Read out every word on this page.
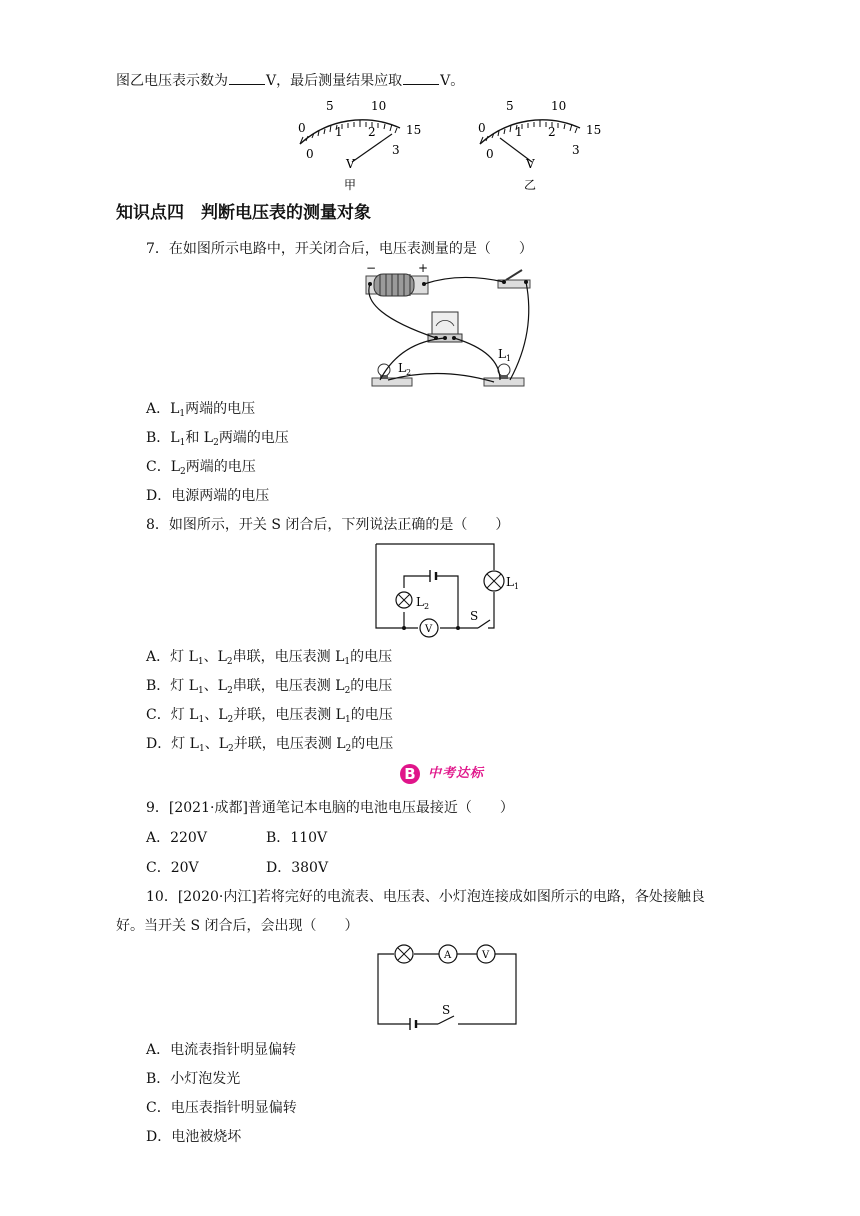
图乙电压表示数为	V，最后测量结果应取	V。
0 1 2
3
0
5	10
15
V
甲
0 1 2
3
0
5	10
15
V
乙
知识点四　判断电压表的测量对象
7．在如图所示电路中，开关闭合后，电压表测量的是（　　）
−	+
$L_2$
$L_1$
A．$L_1$两端的电压
B．$L_1$和 $L_2$两端的电压
C．$L_2$两端的电压
D．电源两端的电压
8．如图所示，开关 S 闭合后，下列说法正确的是（　　）
$L_2$
$L_1$
V
S
A．灯 $L_1$、$L_2$串联，电压表测 $L_1$的电压
B．灯 $L_1$、$L_2$串联，电压表测 $L_2$的电压
C．灯 $L_1$、$L_2$并联，电压表测 $L_1$的电压
D．灯 $L_1$、$L_2$并联，电压表测 $L_2$的电压
B 中考达标
9．[2021·成都]普通笔记本电脑的电池电压最接近（　　）
A．220V	B．110V
C．20V	D．380V
10．[2020·内江]若将完好的电流表、电压表、小灯泡连接成如图所示的电路，各处接触良
好。当开关 S 闭合后，会出现（　　）
A	V
S
A．电流表指针明显偏转
B．小灯泡发光
C．电压表指针明显偏转
D．电池被烧坏
